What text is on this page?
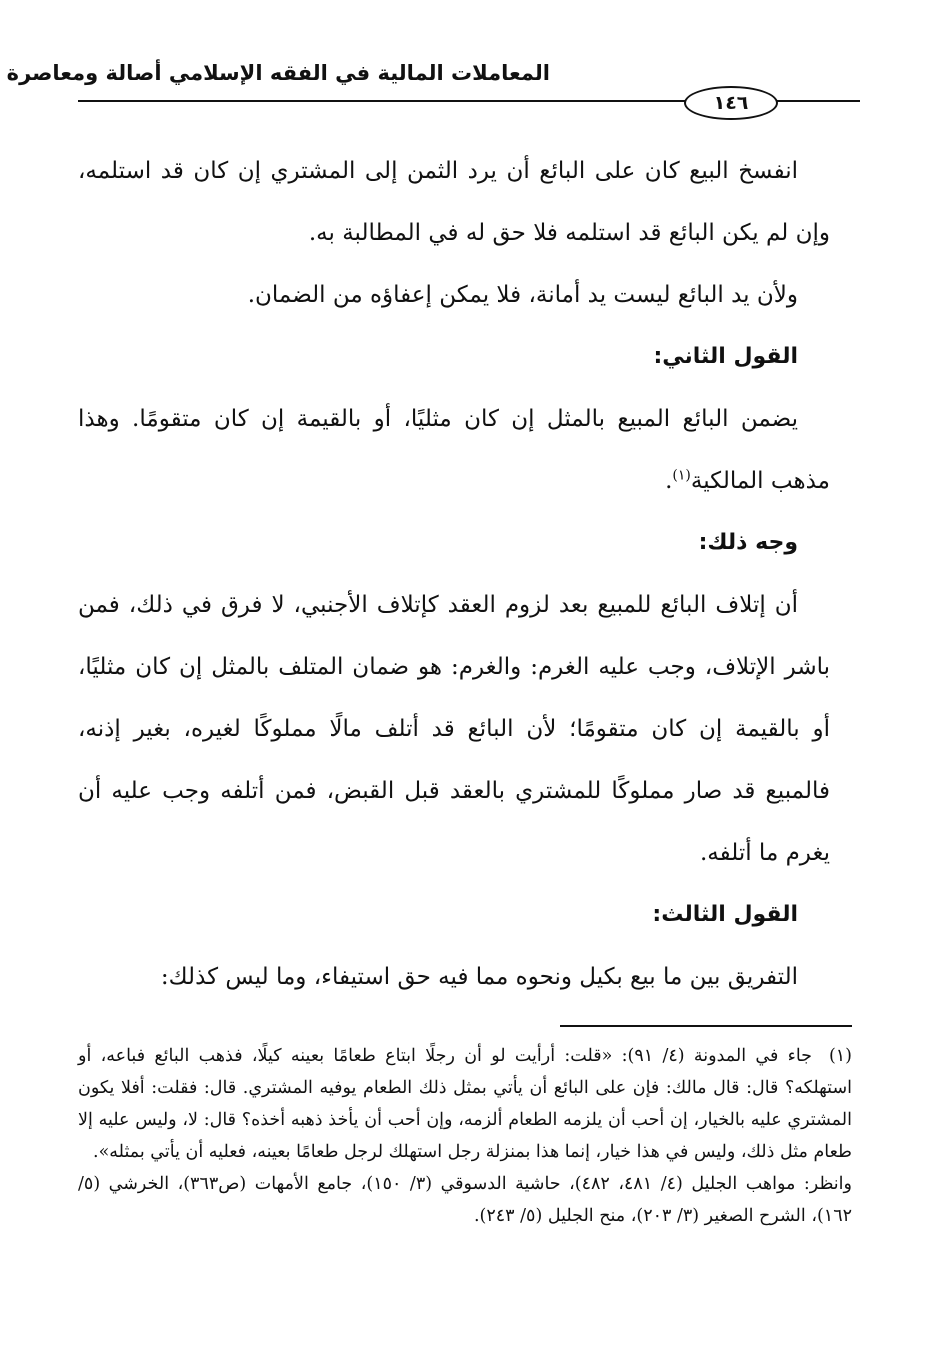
المعاملات المالية في الفقه الإسلامي أصالة ومعاصرة
١٤٦

انفسخ البيع كان على البائع أن يرد الثمن إلى المشتري إن كان قد استلمه، وإن لم يكن البائع قد استلمه فلا حق له في المطالبة به.

ولأن يد البائع ليست يد أمانة، فلا يمكن إعفاؤه من الضمان.

القول الثاني:

يضمن البائع المبيع بالمثل إن كان مثليًا، أو بالقيمة إن كان متقومًا. وهذا مذهب المالكية$^{(١)}$.

وجه ذلك:

أن إتلاف البائع للمبيع بعد لزوم العقد كإتلاف الأجنبي، لا فرق في ذلك، فمن باشر الإتلاف، وجب عليه الغرم: والغرم: هو ضمان المتلف بالمثل إن كان مثليًا، أو بالقيمة إن كان متقومًا؛ لأن البائع قد أتلف مالًا مملوكًا لغيره، بغير إذنه، فالمبيع قد صار مملوكًا للمشتري بالعقد قبل القبض، فمن أتلفه وجب عليه أن يغرم ما أتلفه.

القول الثالث:

التفريق بين ما بيع بكيل ونحوه مما فيه حق استيفاء، وما ليس كذلك:

(١)جاء في المدونة (٤/ ٩١): «قلت: أرأيت لو أن رجلًا ابتاع طعامًا بعينه كيلًا، فذهب البائع فباعه، أو استهلكه؟ قال: قال مالك: فإن على البائع أن يأتي بمثل ذلك الطعام يوفيه المشتري. قال: فقلت: أفلا يكون المشتري عليه بالخيار، إن أحب أن يلزمه الطعام ألزمه، وإن أحب أن يأخذ ذهبه أخذه؟ قال: لا، وليس عليه إلا طعام مثل ذلك، وليس في هذا خيار، إنما هذا بمنزلة رجل استهلك لرجل طعامًا بعينه، فعليه أن يأتي بمثله».

وانظر: مواهب الجليل (٤/ ٤٨١، ٤٨٢)، حاشية الدسوقي (٣/ ١٥٠)، جامع الأمهات (ص٣٦٣)، الخرشي (٥/ ١٦٢)، الشرح الصغير (٣/ ٢٠٣)، منح الجليل (٥/ ٢٤٣).
